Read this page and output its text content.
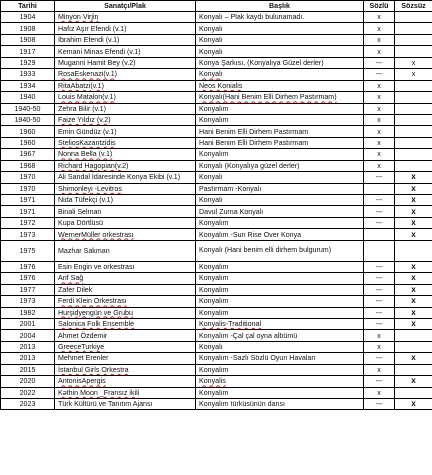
Tarihi	Sanatçı/Plak	Başlık	Sözlü	Sözsüz
1904	Minyon Virjin	Konyalı – Plak kaydı bulunamadı.	x	
1908	Hafız Aşır Efendi (v.1)	Konyalı	x	
1908	İbrahim Efendi (v.1)	Konyalı	x	
1917	Kemani Minas Efendi (v.1)	Konyalı	x	
1929	Muganni Hamit Bey (v.2)	Konya Şarkısı, (Konyalıya Güzel derler)	---	x
1933	RosaEskenazi(v.1)	Konyalı	---	x
1934	RitaAbatzi(v.1)	Neos Konialis	x	
1940	Louis Matalon(v.1)	Konyalı(Hani Benim Elli Dirhem Pastırmam)	x	
1940-50	Zehra Bilir (v.1)	Konyalım	x	
1940-50	Faize Yıldız (v.2)	Konyalım	x	
1960	Emin Gündüz (v.1)	Hani Benim Elli Dirhem Pastırmam	x	
1960	SteliosKazantzidis	Hani Benim Elli Dirhem Pastırmam	x	
1967	Nonna Bella (v.1)	Konyalım	x	
1968	Richard Hagopian(v.2)	Konyalı (Konyalıya güzel derler)	x	
1970	Ali Sandal İdaresinde Konya Ekibi (v.1)	Konyalı	---	x
1970	Shimonleyi -Levitros	Pastırmam -Konyalı		x
1971	Nida Tüfekçi (v.1)	Konyalı	---	x
1971	Binali Selman	Davul Zurna Konyalı	---	x
1972	Kupa Dörtlüsü	Konyalım	---	x
1973	WernerMüller orkestrası	Konyalım -Sun Rise Over Konya		x
1975	Mazhar Sakman	Konyalı (Hani benim elli dirhem bulgurum)		
1976	Esin Engin ve orkestrası	Konyalım	---	x
1976	Arif Sağ	Konyalım	---	x
1977	Zafer Dilek	Konyalım	---	x
1973	Ferdi Klein Orkestrası	Konyalım	---	x
1982	Hurşidyengün ve Grubu	Konyalım	---	x
2001	Salonica Folk Ensemble	Konyalis-Traditional	---	x
2004	Ahmet Özdemir	Konyalım -Çal çal oyna albümü	x	
2013	GreeceTurkiye	Konyalı	x	
2013	Mehmet Erenler	Konyalım -Sazlı Sözlü Oyun Havaları	---	x
2015	İstanbul Girls Orkestra	Konyalım	x	
2020	AntonisApergis	Konyalis	---	x
2022	Kəthin Moon _Fransız ikili	Konyalım	x	
2023	Türk Kültürü ve Tanıtım Ajansı	Konyalım türküsünün dansı	---	x
